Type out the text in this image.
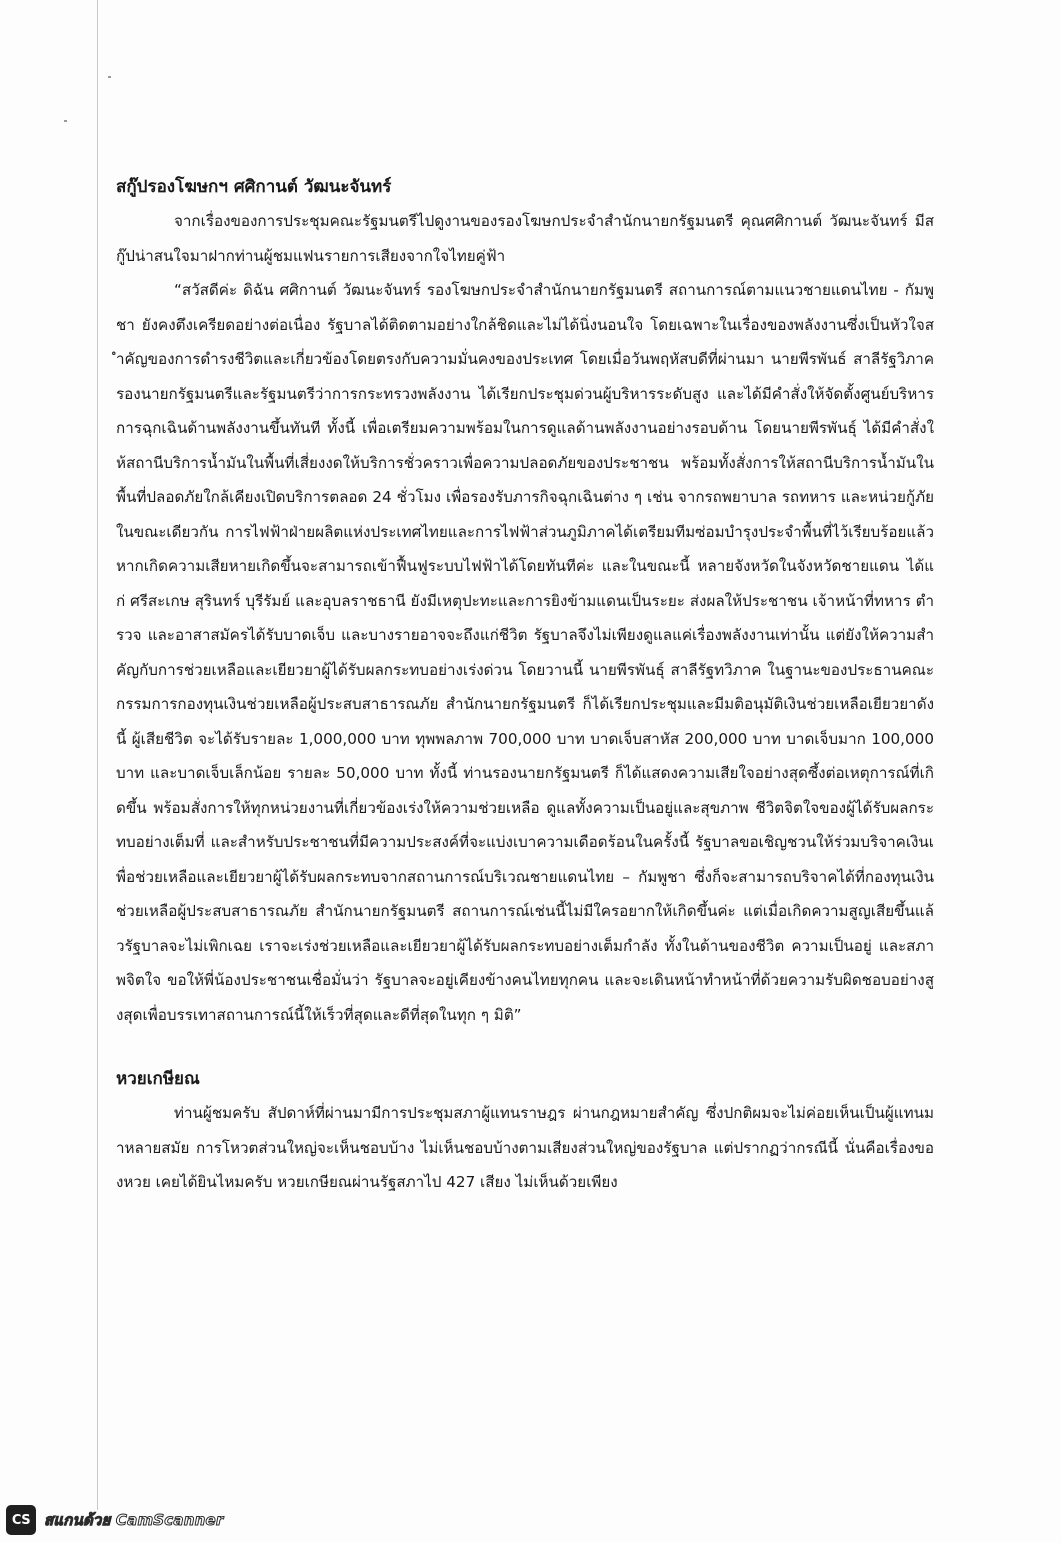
สกู๊ปรองโฆษกฯ ศศิกานต์ วัฒนะจันทร์

จากเรื่องของการประชุมคณะรัฐมนตรีไปดูงานของรองโฆษกประจำสำนักนายกรัฐมนตรี คุณศศิกานต์ วัฒนะจันทร์ มีสกู๊ปน่าสนใจมาฝากท่านผู้ชมแฟนรายการเสียงจากใจไทยคู่ฟ้า

“สวัสดีค่ะ ดิฉัน ศศิกานต์ วัฒนะจันทร์ รองโฆษกประจำสำนักนายกรัฐมนตรี สถานการณ์ตามแนวชายแดนไทย - กัมพูชา ยังคงตึงเครียดอย่างต่อเนื่อง รัฐบาลได้ติดตามอย่างใกล้ชิดและไม่ได้นิ่งนอนใจ โดยเฉพาะในเรื่องของพลังงานซึ่งเป็นหัวใจสำคัญของการดำรงชีวิตและเกี่ยวข้องโดยตรงกับความมั่นคงของประเทศ โดยเมื่อวันพฤหัสบดีที่ผ่านมา นายพีรพันธ์ สาลีรัฐวิภาค รองนายกรัฐมนตรีและรัฐมนตรีว่าการกระทรวงพลังงาน ได้เรียกประชุมด่วนผู้บริหารระดับสูง และได้มีคำสั่งให้จัดตั้งศูนย์บริหารการฉุกเฉินด้านพลังงานขึ้นทันที ทั้งนี้ เพื่อเตรียมความพร้อมในการดูแลด้านพลังงานอย่างรอบด้าน โดยนายพีรพันธุ์ ได้มีคำสั่งให้สถานีบริการน้ำมันในพื้นที่เสี่ยงงดให้บริการชั่วคราวเพื่อความปลอดภัยของประชาชน พร้อมทั้งสั่งการให้สถานีบริการน้ำมันในพื้นที่ปลอดภัยใกล้เคียงเปิดบริการตลอด 24 ชั่วโมง เพื่อรองรับภารกิจฉุกเฉินต่าง ๆ เช่น จากรถพยาบาล รถทหาร และหน่วยกู้ภัย ในขณะเดียวกัน การไฟฟ้าฝ่ายผลิตแห่งประเทศไทยและการไฟฟ้าส่วนภูมิภาคได้เตรียมทีมซ่อมบำรุงประจำพื้นที่ไว้เรียบร้อยแล้ว หากเกิดความเสียหายเกิดขึ้นจะสามารถเข้าฟื้นฟูระบบไฟฟ้าได้โดยทันทีค่ะ และในขณะนี้ หลายจังหวัดในจังหวัดชายแดน ได้แก่ ศรีสะเกษ สุรินทร์ บุรีรัมย์ และอุบลราชธานี ยังมีเหตุปะทะและการยิงข้ามแดนเป็นระยะ ส่งผลให้ประชาชน เจ้าหน้าที่ทหาร ตำรวจ และอาสาสมัครได้รับบาดเจ็บ และบางรายอาจจะถึงแก่ชีวิต รัฐบาลจึงไม่เพียงดูแลแค่เรื่องพลังงานเท่านั้น แต่ยังให้ความสำคัญกับการช่วยเหลือและเยียวยาผู้ได้รับผลกระทบอย่างเร่งด่วน โดยวานนี้ นายพีรพันธุ์ สาลีรัฐทวิภาค ในฐานะของประธานคณะกรรมการกองทุนเงินช่วยเหลือผู้ประสบสาธารณภัย สำนักนายกรัฐมนตรี ก็ได้เรียกประชุมและมีมติอนุมัติเงินช่วยเหลือเยียวยาดังนี้ ผู้เสียชีวิต จะได้รับรายละ 1,000,000 บาท ทุพพลภาพ 700,000 บาท บาดเจ็บสาหัส 200,000 บาท บาดเจ็บมาก 100,000 บาท และบาดเจ็บเล็กน้อย รายละ 50,000 บาท ทั้งนี้ ท่านรองนายกรัฐมนตรี ก็ได้แสดงความเสียใจอย่างสุดซึ้งต่อเหตุการณ์ที่เกิดขึ้น พร้อมสั่งการให้ทุกหน่วยงานที่เกี่ยวข้องเร่งให้ความช่วยเหลือ ดูแลทั้งความเป็นอยู่และสุขภาพ ชีวิตจิตใจของผู้ได้รับผลกระทบอย่างเต็มที่ และสำหรับประชาชนที่มีความประสงค์ที่จะแบ่งเบาความเดือดร้อนในครั้งนี้ รัฐบาลขอเชิญชวนให้ร่วมบริจาคเงินเพื่อช่วยเหลือและเยียวยาผู้ได้รับผลกระทบจากสถานการณ์บริเวณชายแดนไทย – กัมพูชา ซึ่งก็จะสามารถบริจาคได้ที่กองทุนเงินช่วยเหลือผู้ประสบสาธารณภัย สำนักนายกรัฐมนตรี สถานการณ์เช่นนี้ไม่มีใครอยากให้เกิดขึ้นค่ะ แต่เมื่อเกิดความสูญเสียขึ้นแล้วรัฐบาลจะไม่เพิกเฉย เราจะเร่งช่วยเหลือและเยียวยาผู้ได้รับผลกระทบอย่างเต็มกำลัง ทั้งในด้านของชีวิต ความเป็นอยู่ และสภาพจิตใจ ขอให้พี่น้องประชาชนเชื่อมั่นว่า รัฐบาลจะอยู่เคียงข้างคนไทยทุกคน และจะเดินหน้าทำหน้าที่ด้วยความรับผิดชอบอย่างสูงสุดเพื่อบรรเทาสถานการณ์นี้ให้เร็วที่สุดและดีที่สุดในทุก ๆ มิติ”

หวยเกษียณ

ท่านผู้ชมครับ สัปดาห์ที่ผ่านมามีการประชุมสภาผู้แทนราษฎร ผ่านกฎหมายสำคัญ ซึ่งปกติผมจะไม่ค่อยเห็นเป็นผู้แทนมาหลายสมัย การโหวตส่วนใหญ่จะเห็นชอบบ้าง ไม่เห็นชอบบ้างตามเสียงส่วนใหญ่ของรัฐบาล แต่ปรากฏว่ากรณีนี้ นั่นคือเรื่องของหวย เคยได้ยินไหมครับ หวยเกษียณผ่านรัฐสภาไป 427 เสียง ไม่เห็นด้วยเพียง

CS สแกนด้วย CamScanner
